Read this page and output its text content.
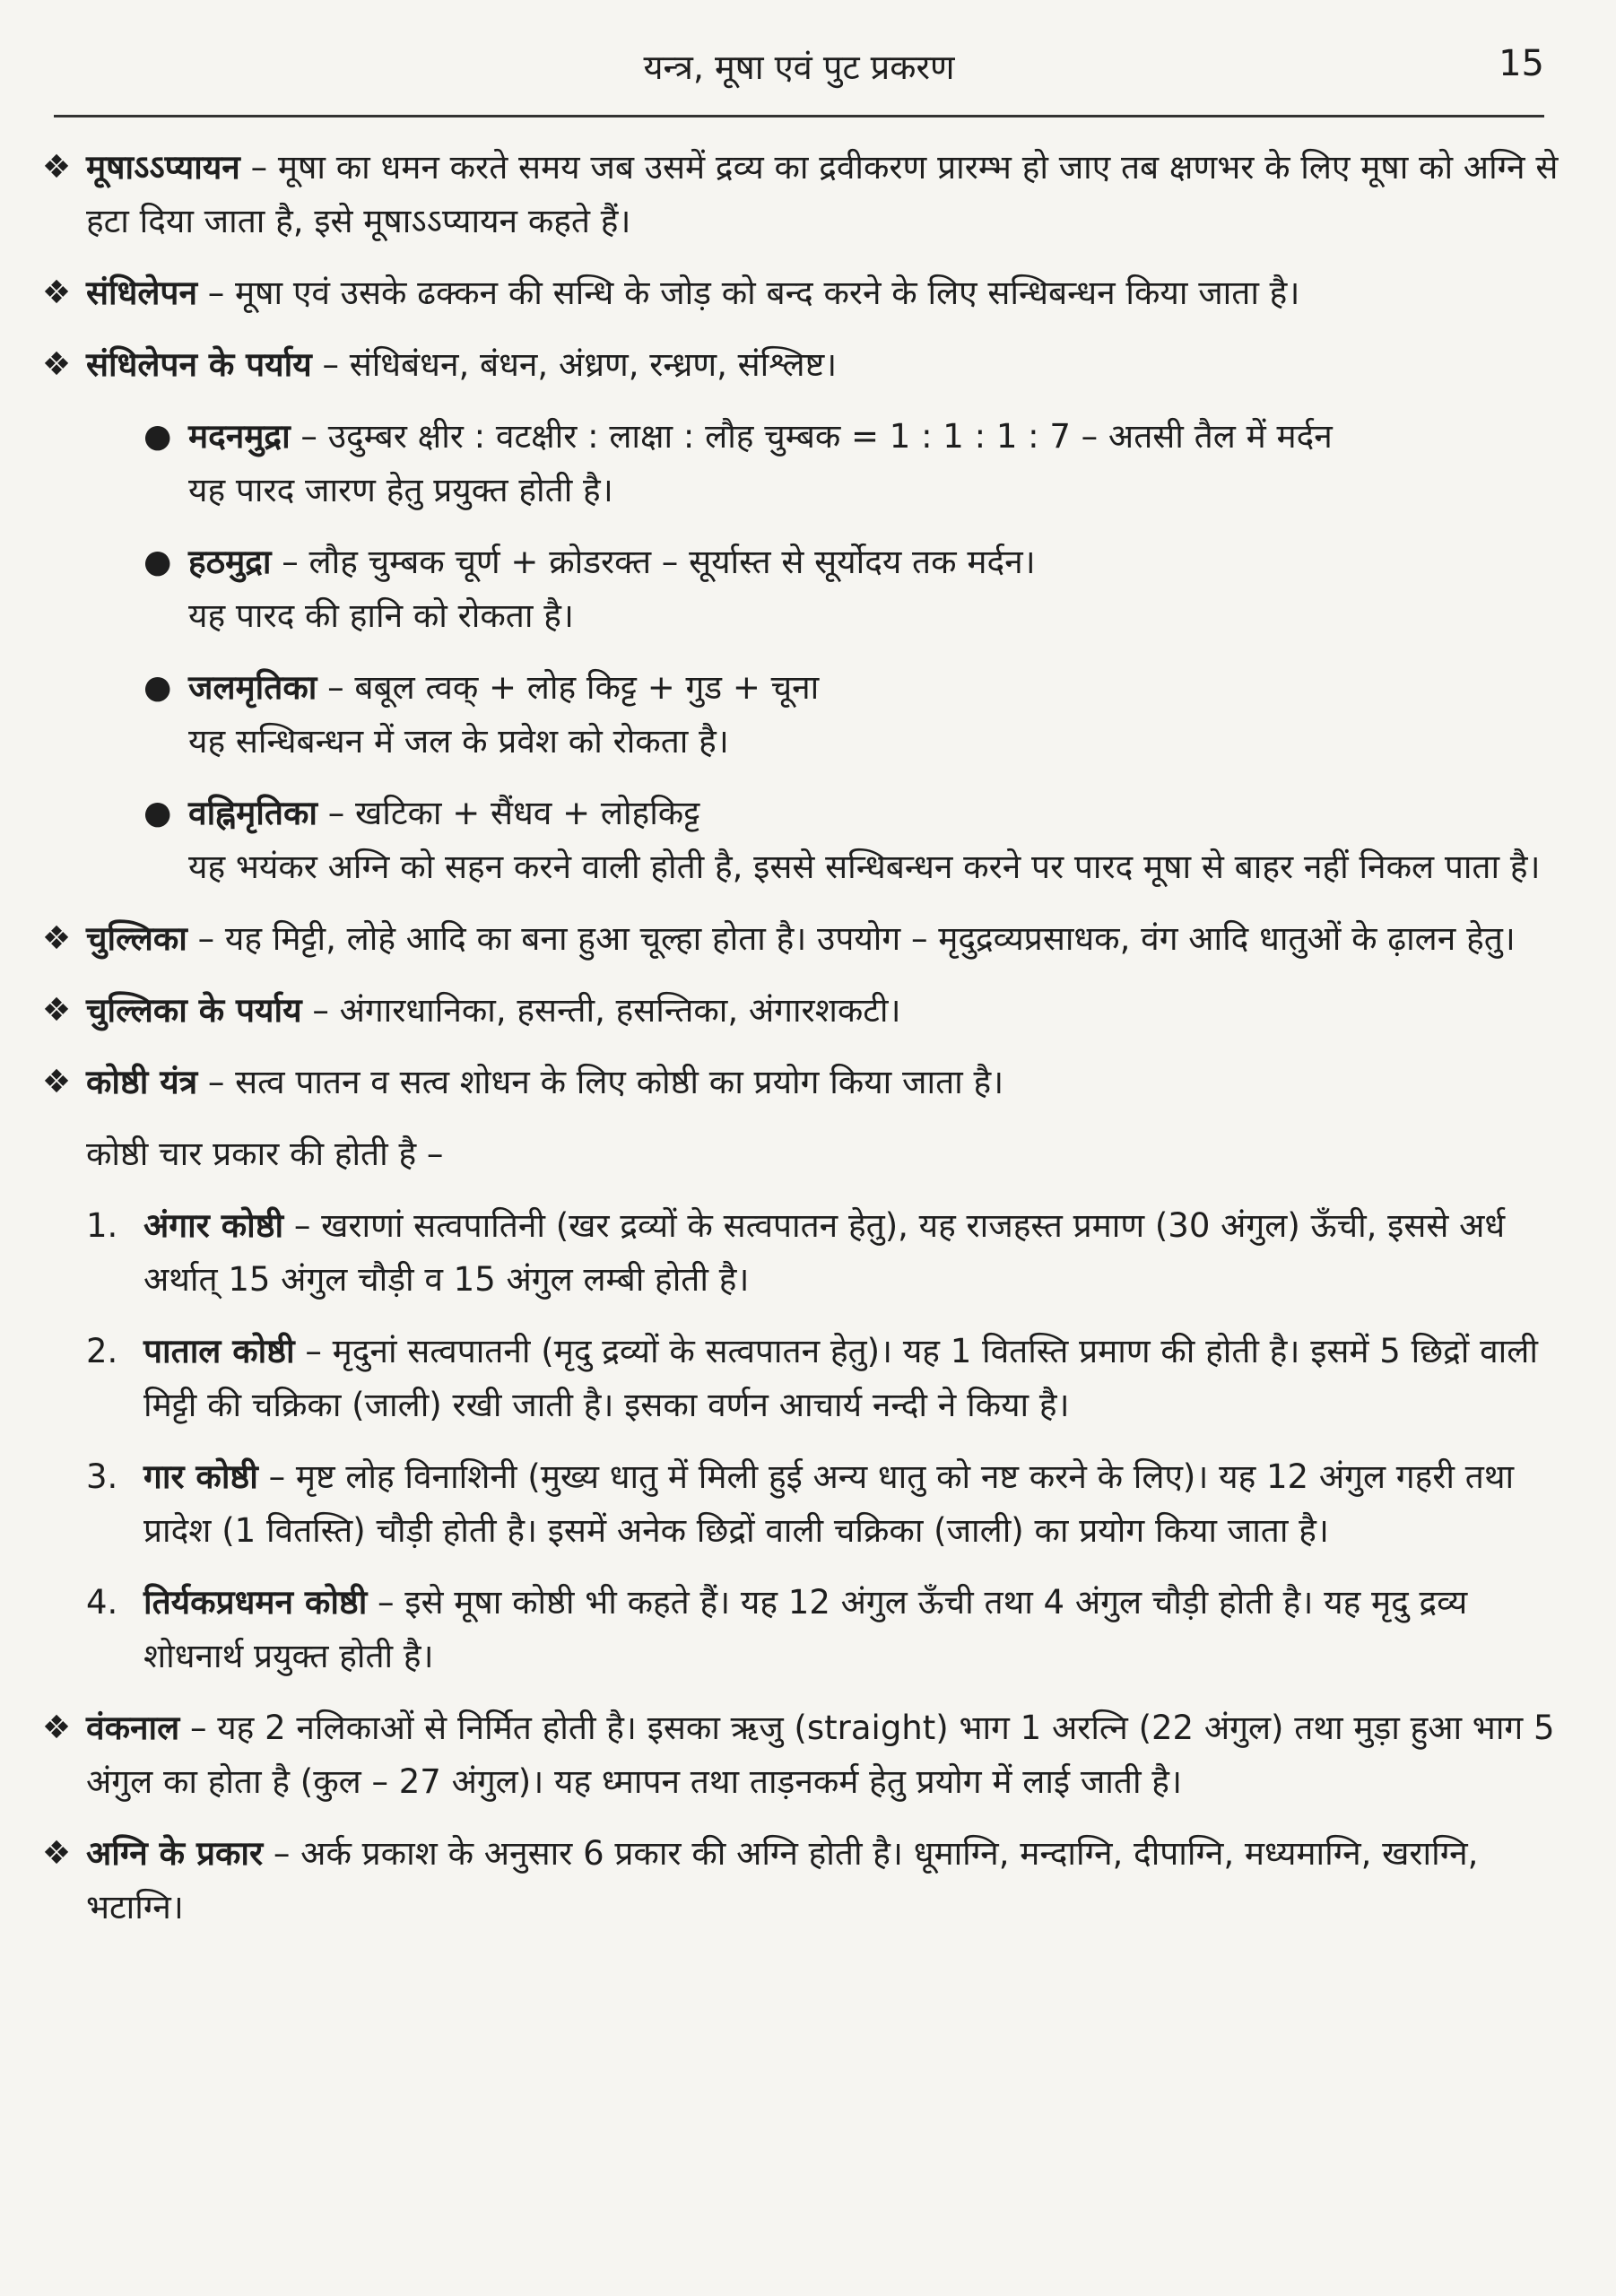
यन्त्र, मूषा एवं पुट प्रकरण	15
❖ मूषाऽऽप्यायन – मूषा का धमन करते समय जब उसमें द्रव्य का द्रवीकरण प्रारम्भ हो जाए तब क्षणभर के लिए मूषा को अग्नि से हटा दिया जाता है, इसे मूषाऽऽप्यायन कहते हैं।
❖ संधिलेपन – मूषा एवं उसके ढक्कन की सन्धि के जोड़ को बन्द करने के लिए सन्धिबन्धन किया जाता है।
❖ संधिलेपन के पर्याय – संधिबंधन, बंधन, अंध्रण, रन्ध्रण, संश्लिष्ट।
● मदनमुद्रा – उदुम्बर क्षीर : वटक्षीर : लाक्षा : लौह चुम्बक = 1 : 1 : 1 : 7 – अतसी तैल में मर्दन
यह पारद जारण हेतु प्रयुक्त होती है।
● हठमुद्रा – लौह चुम्बक चूर्ण + क्रोडरक्त – सूर्यास्त से सूर्योदय तक मर्दन।
यह पारद की हानि को रोकता है।
● जलमृतिका – बबूल त्वक् + लोह किट्ट + गुड + चूना
यह सन्धिबन्धन में जल के प्रवेश को रोकता है।
● वह्निमृतिका – खटिका + सैंधव + लोहकिट्ट
यह भयंकर अग्नि को सहन करने वाली होती है, इससे सन्धिबन्धन करने पर पारद मूषा से बाहर नहीं निकल पाता है।
❖ चुल्लिका – यह मिट्टी, लोहे आदि का बना हुआ चूल्हा होता है। उपयोग – मृदुद्रव्यप्रसाधक, वंग आदि धातुओं के ढ़ालन हेतु।
❖ चुल्लिका के पर्याय – अंगारधानिका, हसन्ती, हसन्तिका, अंगारशकटी।
❖ कोष्ठी यंत्र – सत्व पातन व सत्व शोधन के लिए कोष्ठी का प्रयोग किया जाता है।
कोष्ठी चार प्रकार की होती है –
1. अंगार कोष्ठी – खराणां सत्वपातिनी (खर द्रव्यों के सत्वपातन हेतु), यह राजहस्त प्रमाण (30 अंगुल) ऊँची, इससे अर्ध अर्थात् 15 अंगुल चौड़ी व 15 अंगुल लम्बी होती है।
2. पाताल कोष्ठी – मृदुनां सत्वपातनी (मृदु द्रव्यों के सत्वपातन हेतु)। यह 1 वितस्ति प्रमाण की होती है। इसमें 5 छिद्रों वाली मिट्टी की चक्रिका (जाली) रखी जाती है। इसका वर्णन आचार्य नन्दी ने किया है।
3. गार कोष्ठी – मृष्ट लोह विनाशिनी (मुख्य धातु में मिली हुई अन्य धातु को नष्ट करने के लिए)। यह 12 अंगुल गहरी तथा प्रादेश (1 वितस्ति) चौड़ी होती है। इसमें अनेक छिद्रों वाली चक्रिका (जाली) का प्रयोग किया जाता है।
4. तिर्यकप्रधमन कोष्ठी – इसे मूषा कोष्ठी भी कहते हैं। यह 12 अंगुल ऊँची तथा 4 अंगुल चौड़ी होती है। यह मृदु द्रव्य शोधनार्थ प्रयुक्त होती है।
❖ वंकनाल – यह 2 नलिकाओं से निर्मित होती है। इसका ऋजु (straight) भाग 1 अरत्नि (22 अंगुल) तथा मुड़ा हुआ भाग 5 अंगुल का होता है (कुल – 27 अंगुल)। यह ध्मापन तथा ताड़नकर्म हेतु प्रयोग में लाई जाती है।
❖ अग्नि के प्रकार – अर्क प्रकाश के अनुसार 6 प्रकार की अग्नि होती है। धूमाग्नि, मन्दाग्नि, दीपाग्नि, मध्यमाग्नि, खराग्नि, भटाग्नि।
